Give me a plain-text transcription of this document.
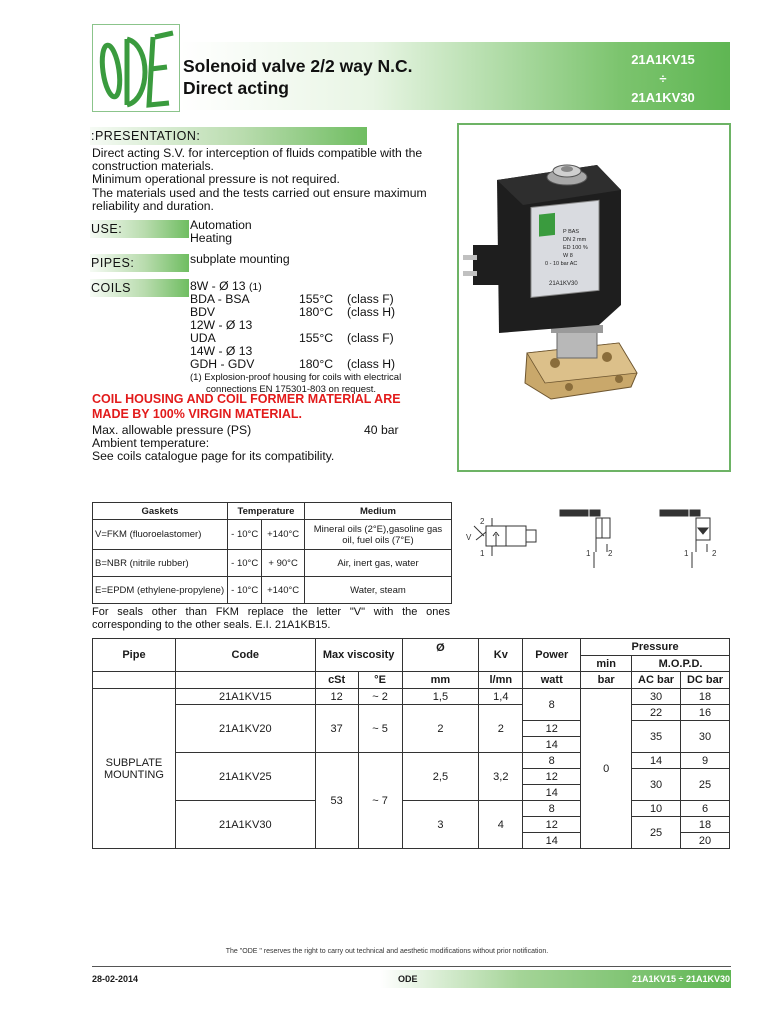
Solenoid valve 2/2 way N.C.
Direct acting
21A1KV15
÷
21A1KV30
:PRESENTATION:
Direct acting S.V. for interception of fluids compatible with the
construction materials.
Minimum operational pressure is not required.
The materials used and the tests carried out ensure maximum
reliability and duration.
USE:	Automation
Heating
PIPES:	subplate mounting
COILS	8W - Ø 13 (1)
BDA - BSA	155°C (class F)
BDV	180°C (class H)
12W - Ø 13
UDA	155°C (class F)
14W - Ø 13
GDH - GDV	180°C (class H)
(1) Explosion-proof housing for coils with electrical
connections EN 175301-803 on request.
COIL HOUSING AND COIL FORMER MATERIAL ARE
MADE BY 100% VIRGIN MATERIAL.
Max. allowable pressure (PS)	40 bar
Ambient temperature:
See coils catalogue page for its compatibility.
P BAS
DN 2 mm
ED 100 %
W 8
0 - 10 bar AC
21A1KV30
Gaskets	Temperature		Medium
V=FKM (fluoroelastomer)	- 10°C	+140°C	Mineral oils (2°E),gasoline gas oil, fuel oils (7°E)
B=NBR (nitrile rubber)	- 10°C	+ 90°C	Air, inert gas, water
E=EPDM (ethylene-propylene)	- 10°C	+140°C	Water, steam
2
1
V
1 2	1	2
For seals other than FKM replace the letter "V" with the ones corresponding to the other seals. E.I. 21A1KB15.
Pipe	Code	Max viscosity		Ø	Kv	Power	Pressure		
							min	M.O.P.D.	
		cSt	°E	mm	l/mn	watt	bar	AC bar	DC bar
SUBPLATE MOUNTING	21A1KV15	12	~ 2	1,5	1,4	8	0	30	18
	21A1KV20	37	~ 5	2	2			22	16
						12		35	30
						14			
	21A1KV25	53	~ 7	2,5	3,2	8		14	9
						12		30	25
						14			
	21A1KV30			3	4	8		10	6
						12		25	18
						14			20
The "ODE " reserves the right to carry out technical and aesthetic modifications without prior notification.
28-02-2014	ODE	21A1KV15 ÷ 21A1KV30
